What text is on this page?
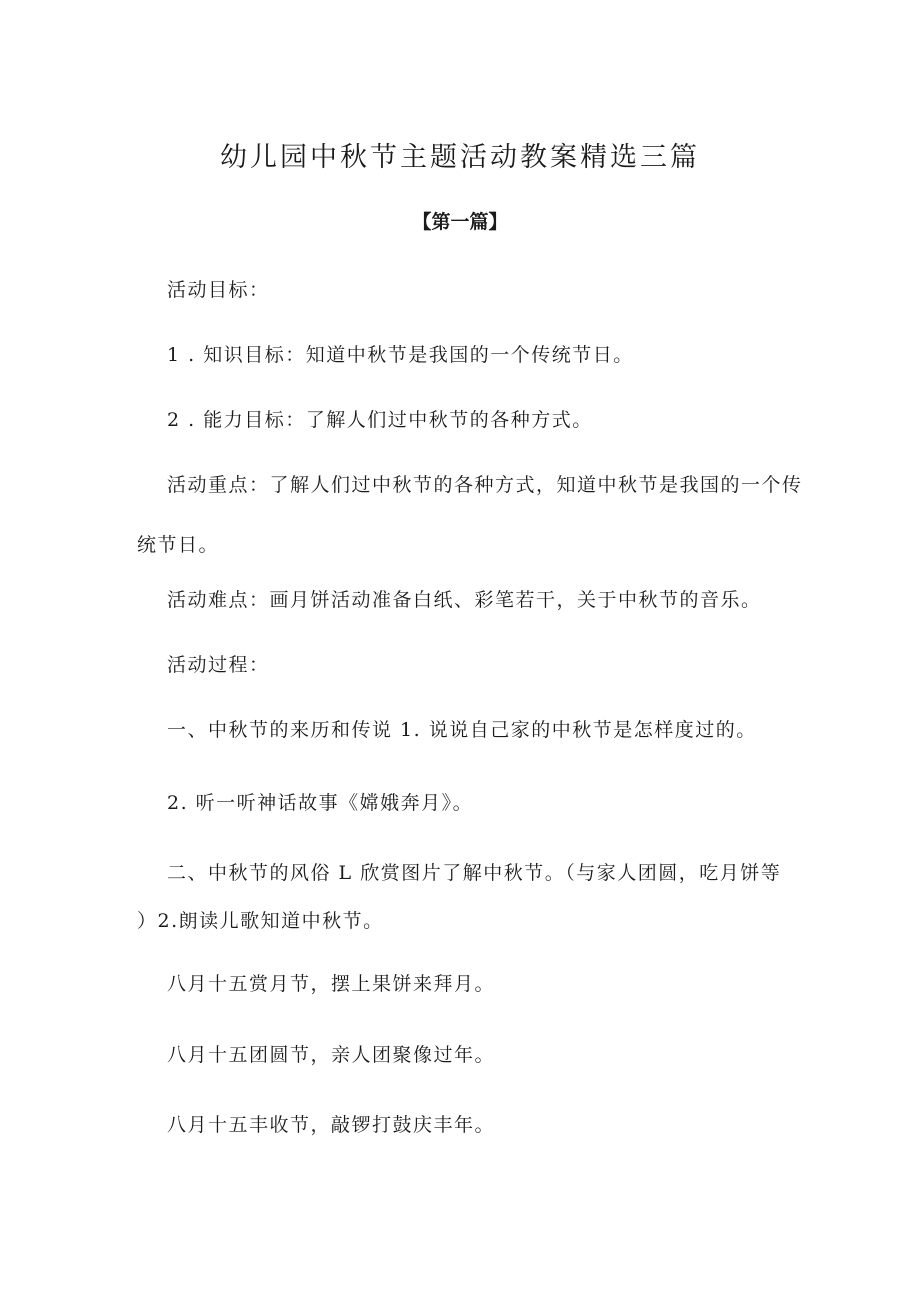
幼儿园中秋节主题活动教案精选三篇
【第一篇】
活动目标：
1 . 知识目标：知道中秋节是我国的一个传统节日。
2 . 能力目标：了解人们过中秋节的各种方式。
活动重点：了解人们过中秋节的各种方式，知道中秋节是我国的一个传
统节日。
活动难点：画月饼活动准备白纸、彩笔若干，关于中秋节的音乐。
活动过程：
一、中秋节的来历和传说 1. 说说自己家的中秋节是怎样度过的。
2. 听一听神话故事《嫦娥奔月》。
二、中秋节的风俗 L 欣赏图片了解中秋节。（与家人团圆，吃月饼等
）2.朗读儿歌知道中秋节。
八月十五赏月节，摆上果饼来拜月。
八月十五团圆节，亲人团聚像过年。
八月十五丰收节，敲锣打鼓庆丰年。
